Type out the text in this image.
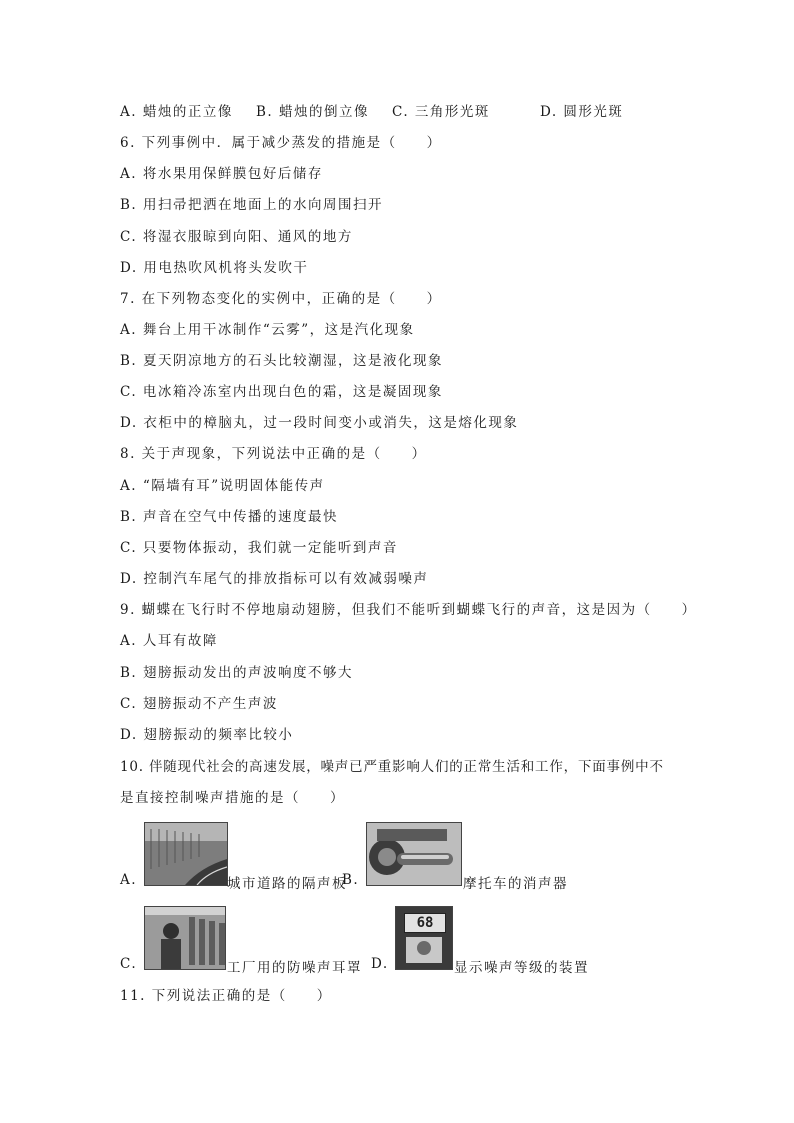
A. 蜡烛的正立像 B. 蜡烛的倒立像 C. 三角形光斑	D. 圆形光斑
6. 下列事例中．属于减少蒸发的措施是（　　）
A. 将水果用保鲜膜包好后储存
B. 用扫帚把洒在地面上的水向周围扫开
C. 将湿衣服晾到向阳、通风的地方
D. 用电热吹风机将头发吹干
7. 在下列物态变化的实例中，正确的是（　　）
A. 舞台上用干冰制作“云雾”，这是汽化现象
B. 夏天阴凉地方的石头比较潮湿，这是液化现象
C. 电冰箱冷冻室内出现白色的霜，这是凝固现象
D. 衣柜中的樟脑丸，过一段时间变小或消失，这是熔化现象
8. 关于声现象，下列说法中正确的是（　　）
A. “隔墙有耳”说明固体能传声
B. 声音在空气中传播的速度最快
C. 只要物体振动，我们就一定能听到声音
D. 控制汽车尾气的排放指标可以有效减弱噪声
9. 蝴蝶在飞行时不停地扇动翅膀，但我们不能听到蝴蝶飞行的声音，这是因为（　　）
A. 人耳有故障
B. 翅膀振动发出的声波响度不够大
C. 翅膀振动不产生声波
D. 翅膀振动的频率比较小
10. 伴随现代社会的高速发展，噪声已严重影响人们的正常生活和工作，下面事例中不
是直接控制噪声措施的是（　　）
A.	城市道路的隔声板
B.	摩托车的消声器
C.	工厂用的防噪声耳罩 D.
68
显示噪声等级的装置
11. 下列说法正确的是（　　）
